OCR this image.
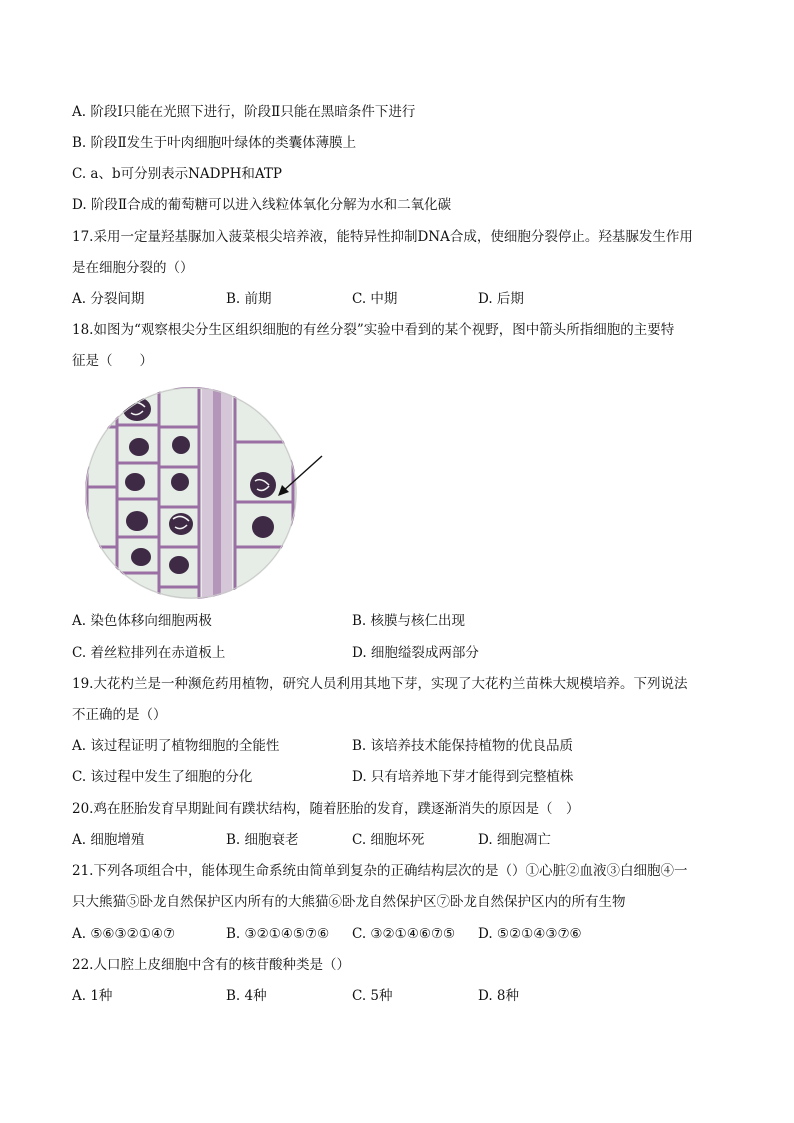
A. 阶段Ⅰ只能在光照下进行，阶段Ⅱ只能在黑暗条件下进行
B. 阶段Ⅱ发生于叶肉细胞叶绿体的类囊体薄膜上
C. a、b可分别表示NADPH和ATP
D. 阶段Ⅱ合成的葡萄糖可以进入线粒体氧化分解为水和二氧化碳
17.采用一定量羟基脲加入菠菜根尖培养液，能特异性抑制DNA合成，使细胞分裂停止。羟基脲发生作用
是在细胞分裂的（）
A. 分裂间期	B. 前期	C. 中期	D. 后期
18.如图为“观察根尖分生区组织细胞的有丝分裂”实验中看到的某个视野，图中箭头所指细胞的主要特
征是（　　）
A. 染色体移向细胞两极	B. 核膜与核仁出现
C. 着丝粒排列在赤道板上	D. 细胞缢裂成两部分
19.大花杓兰是一种濒危药用植物，研究人员利用其地下芽，实现了大花杓兰苗株大规模培养。下列说法
不正确的是（）
A. 该过程证明了植物细胞的全能性	B. 该培养技术能保持植物的优良品质
C. 该过程中发生了细胞的分化	D. 只有培养地下芽才能得到完整植株
20.鸡在胚胎发育早期趾间有蹼状结构，随着胚胎的发育，蹼逐渐消失的原因是（　）
A. 细胞增殖	B. 细胞衰老	C. 细胞坏死	D. 细胞凋亡
21.下列各项组合中，能体现生命系统由简单到复杂的正确结构层次的是（）①心脏②血液③白细胞④一
只大熊猫⑤卧龙自然保护区内所有的大熊猫⑥卧龙自然保护区⑦卧龙自然保护区内的所有生物
A. ⑤⑥③②①④⑦	B. ③②①④⑤⑦⑥ C. ③②①④⑥⑦⑤ D. ⑤②①④③⑦⑥
22.人口腔上皮细胞中含有的核苷酸种类是（）
A. 1种	B. 4种	C. 5种	D. 8种
